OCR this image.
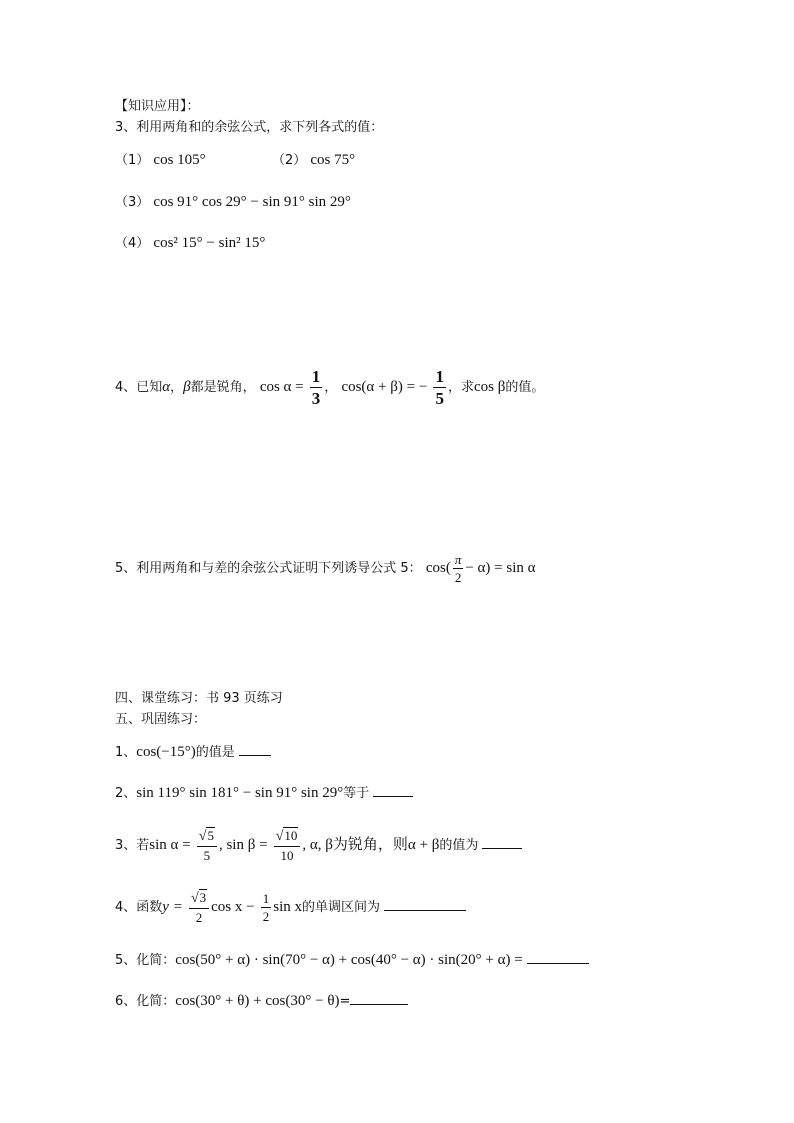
【知识应用】：
3、利用两角和的余弦公式，求下列各式的值：
（1） cos 105°	（2） cos 75°
（3） cos 91° cos 29° − sin 91° sin 29°
（4） cos² 15° − sin² 15°
4、已知α，β都是锐角， $\cos \alpha = \frac{1}{3}$ ， cos(α + β) = − $\frac{1}{5}$ ，求cos β的值。
5、利用两角和与差的余弦公式证明下列诱导公式 5： $\cos( \frac{\pi}{2} - \alpha) = \sin \alpha$
四、课堂练习：书 93 页练习
五、巩固练习：
1、cos(−15°)的值是
2、sin 119° sin 181° − sin 91° sin 29°等于
3、若$\sin \alpha = \frac{√5}{5}$ , $\sin \beta = \frac{√10}{10}$ , α, β为锐角，则α + β的值为
4、函数$y = \frac{√3}{2}$ $\cos x - \frac{1}{2}$ sin x的单调区间为
5、化简：cos(50° + α) · sin(70° − α) + cos(40° − α) · sin(20° + α) =
6、化简：cos(30° + θ) + cos(30° − θ)=
